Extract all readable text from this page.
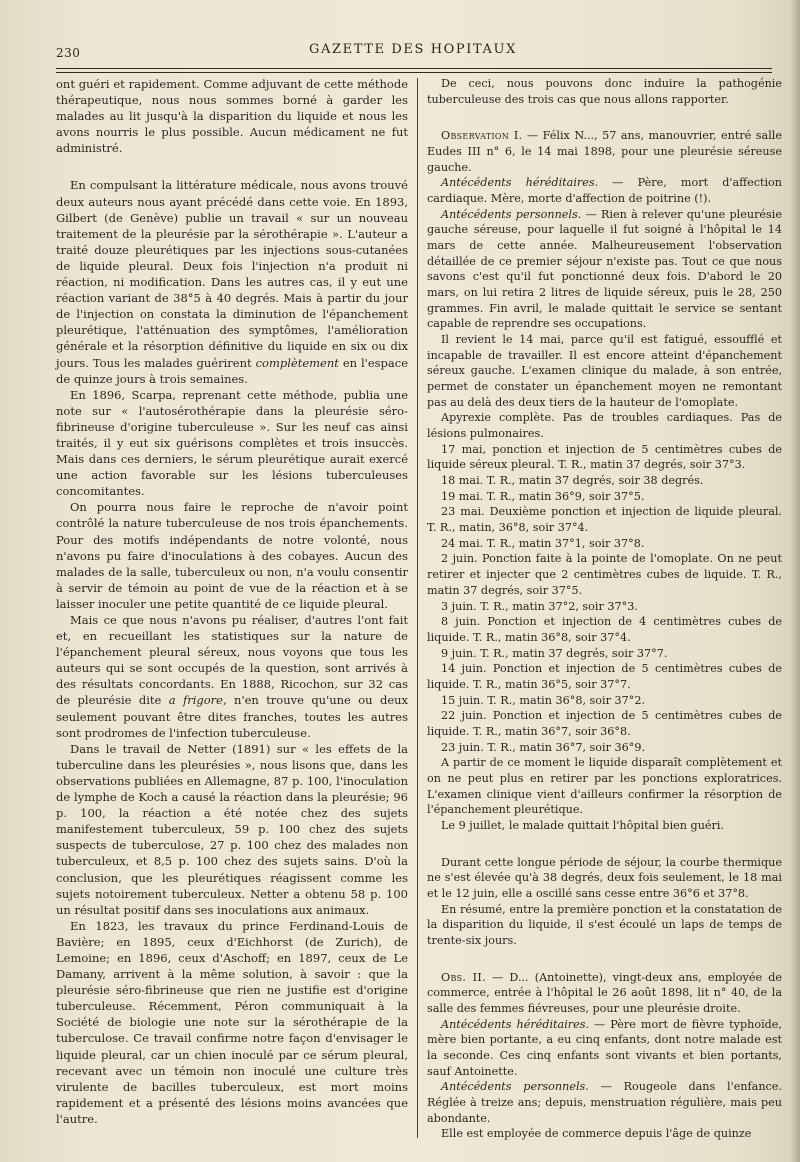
230	GAZETTE DES HOPITAUX

ont guéri et rapidement. Comme adjuvant de cette méthode thérapeutique, nous nous sommes borné à garder les malades au lit jusqu'à la disparition du liquide et nous les avons nourris le plus possible. Aucun médicament ne fut administré.

En compulsant la littérature médicale, nous avons trouvé deux auteurs nous ayant précédé dans cette voie. En 1893, Gilbert (de Genève) publie un travail « sur un nouveau traitement de la pleurésie par la sérothérapie ». L'auteur a traité douze pleurétiques par les injections sous-cutanées de liquide pleural. Deux fois l'injection n'a produit ni réaction, ni modification. Dans les autres cas, il y eut une réaction variant de 38°5 à 40 degrés. Mais à partir du jour de l'injection on constata la diminution de l'épanchement pleurétique, l'atténuation des symptômes, l'amélioration générale et la résorption définitive du liquide en six ou dix jours. Tous les malades guérirent complètement en l'espace de quinze jours à trois semaines.

En 1896, Scarpa, reprenant cette méthode, publia une note sur « l'autosérothérapie dans la pleurésie séro-fibrineuse d'origine tuberculeuse ». Sur les neuf cas ainsi traités, il y eut six guérisons complètes et trois insuccès. Mais dans ces derniers, le sérum pleurétique aurait exercé une action favorable sur les lésions tuberculeuses concomitantes.

On pourra nous faire le reproche de n'avoir point contrôlé la nature tuberculeuse de nos trois épanchements. Pour des motifs indépendants de notre volonté, nous n'avons pu faire d'inoculations à des cobayes. Aucun des malades de la salle, tuberculeux ou non, n'a voulu consentir à servir de témoin au point de vue de la réaction et à se laisser inoculer une petite quantité de ce liquide pleural.

Mais ce que nous n'avons pu réaliser, d'autres l'ont fait et, en recueillant les statistiques sur la nature de l'épanchement pleural séreux, nous voyons que tous les auteurs qui se sont occupés de la question, sont arrivés à des résultats concordants. En 1888, Ricochon, sur 32 cas de pleurésie dite a frigore, n'en trouve qu'une ou deux seulement pouvant être dites franches, toutes les autres sont prodromes de l'infection tuberculeuse.

Dans le travail de Netter (1891) sur « les effets de la tuberculine dans les pleurésies », nous lisons que, dans les observations publiées en Allemagne, 87 p. 100, l'inoculation de lymphe de Koch a causé la réaction dans la pleurésie; 96 p. 100, la réaction a été notée chez des sujets manifestement tuberculeux, 59 p. 100 chez des sujets suspects de tuberculose, 27 p. 100 chez des malades non tuberculeux, et 8,5 p. 100 chez des sujets sains. D'où la conclusion, que les pleurétiques réagissent comme les sujets notoirement tuberculeux. Netter a obtenu 58 p. 100 un résultat positif dans ses inoculations aux animaux.

En 1823, les travaux du prince Ferdinand-Louis de Bavière; en 1895, ceux d'Eichhorst (de Zurich), de Lemoine; en 1896, ceux d'Aschoff; en 1897, ceux de Le Damany, arrivent à la même solution, à savoir : que la pleurésie séro-fibrineuse que rien ne justifie est d'origine tuberculeuse. Récemment, Péron communiquait à la Société de biologie une note sur la sérothérapie de la tuberculose. Ce travail confirme notre façon d'envisager le liquide pleural, car un chien inoculé par ce sérum pleural, recevant avec un témoin non inoculé une culture très virulente de bacilles tuberculeux, est mort moins rapidement et a présenté des lésions moins avancées que l'autre.

De ceci, nous pouvons donc induire la pathogénie tuberculeuse des trois cas que nous allons rapporter.

Observation I. — Félix N..., 57 ans, manouvrier, entré salle Eudes III n° 6, le 14 mai 1898, pour une pleurésie séreuse gauche.

Antécédents héréditaires. — Père, mort d'affection cardiaque. Mère, morte d'affection de poitrine (!).

Antécédents personnels. — Rien à relever qu'une pleurésie gauche séreuse, pour laquelle il fut soigné à l'hôpital le 14 mars de cette année. Malheureusement l'observation détaillée de ce premier séjour n'existe pas. Tout ce que nous savons c'est qu'il fut ponctionné deux fois. D'abord le 20 mars, on lui retira 2 litres de liquide séreux, puis le 28, 250 grammes. Fin avril, le malade quittait le service se sentant capable de reprendre ses occupations.

Il revient le 14 mai, parce qu'il est fatigué, essoufflé et incapable de travailler. Il est encore atteint d'épanchement séreux gauche. L'examen clinique du malade, à son entrée, permet de constater un épanchement moyen ne remontant pas au delà des deux tiers de la hauteur de l'omoplate.

Apyrexie complète. Pas de troubles cardiaques. Pas de lésions pulmonaires.

17 mai, ponction et injection de 5 centimètres cubes de liquide séreux pleural. T. R., matin 37 degrés, soir 37°3.

18 mai. T. R., matin 37 degrés, soir 38 degrés.

19 mai. T. R., matin 36°9, soir 37°5.

23 mai. Deuxième ponction et injection de liquide pleural. T. R., matin, 36°8, soir 37°4.

24 mai. T. R., matin 37°1, soir 37°8.

2 juin. Ponction faite à la pointe de l'omoplate. On ne peut retirer et injecter que 2 centimètres cubes de liquide. T. R., matin 37 degrés, soir 37°5.

3 juin. T. R., matin 37°2, soir 37°3.

8 juin. Ponction et injection de 4 centimètres cubes de liquide. T. R., matin 36°8, soir 37°4.

9 juin. T. R., matin 37 degrés, soir 37°7.

14 juin. Ponction et injection de 5 centimètres cubes de liquide. T. R., matin 36°5, soir 37°7.

15 juin. T. R., matin 36°8, soir 37°2.

22 juin. Ponction et injection de 5 centimètres cubes de liquide. T. R., matin 36°7, soir 36°8.

23 juin. T. R., matin 36°7, soir 36°9.

A partir de ce moment le liquide disparaît complètement et on ne peut plus en retirer par les ponctions exploratrices. L'examen clinique vient d'ailleurs confirmer la résorption de l'épanchement pleurétique.

Le 9 juillet, le malade quittait l'hôpital bien guéri.

Durant cette longue période de séjour, la courbe thermique ne s'est élevée qu'à 38 degrés, deux fois seulement, le 18 mai et le 12 juin, elle a oscillé sans cesse entre 36°6 et 37°8.

En résumé, entre la première ponction et la constatation de la disparition du liquide, il s'est écoulé un laps de temps de trente-six jours.

Obs. II. — D... (Antoinette), vingt-deux ans, employée de commerce, entrée à l'hôpital le 26 août 1898, lit n° 40, de la salle des femmes fiévreuses, pour une pleurésie droite.

Antécédents héréditaires. — Père mort de fièvre typhoïde, mère bien portante, a eu cinq enfants, dont notre malade est la seconde. Ces cinq enfants sont vivants et bien portants, sauf Antoinette.

Antécédents personnels. — Rougeole dans l'enfance. Réglée à treize ans; depuis, menstruation régulière, mais peu abondante.

Elle est employée de commerce depuis l'âge de quinze
